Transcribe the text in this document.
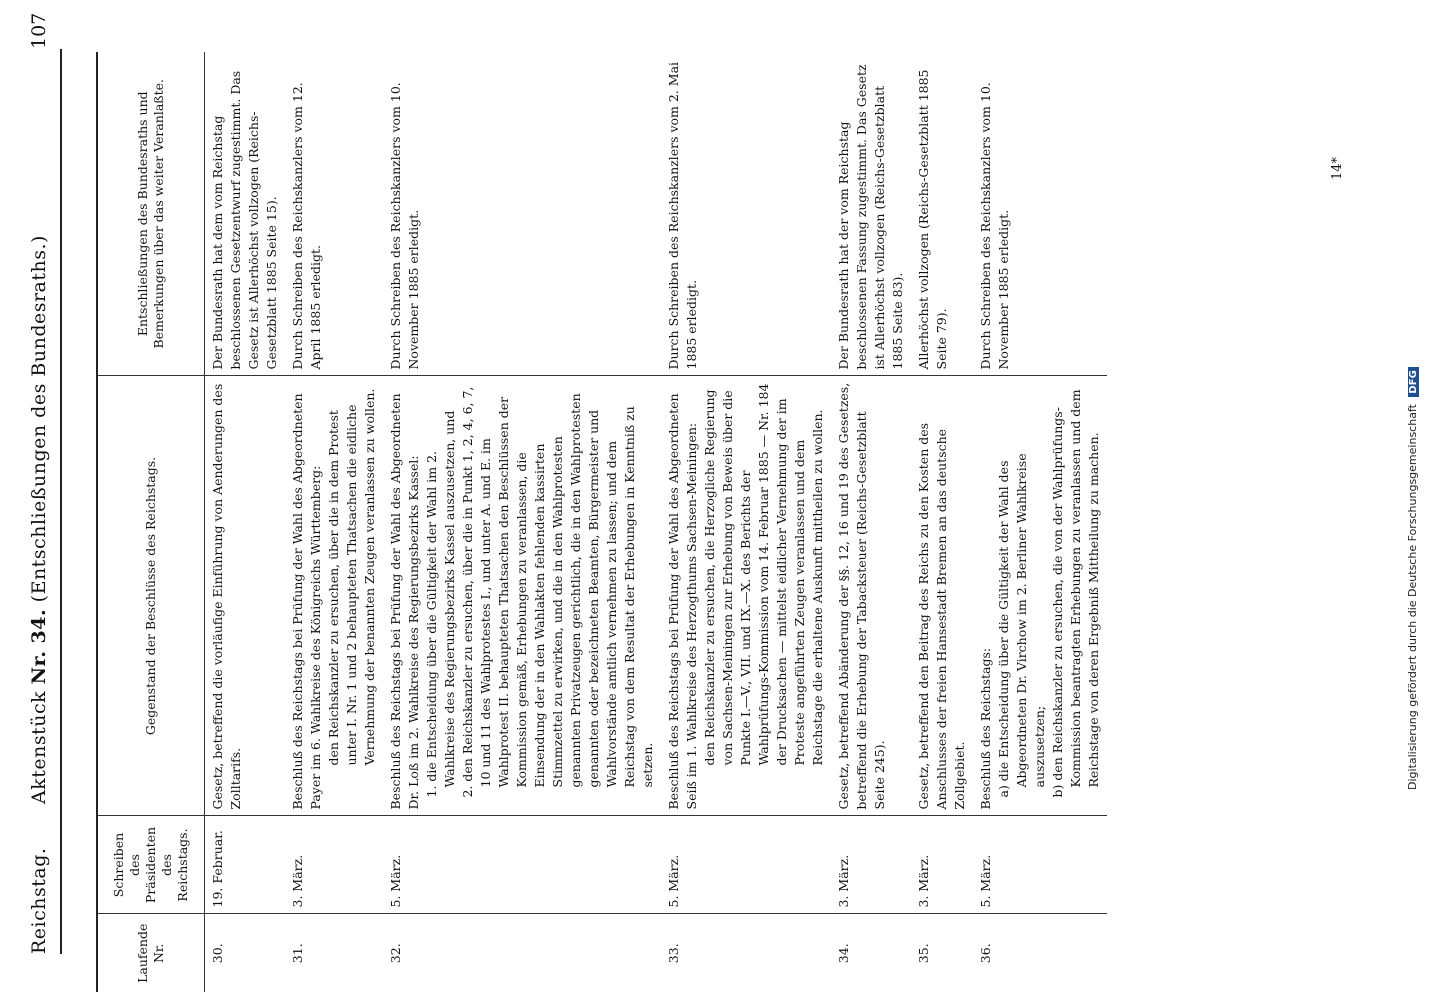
Reichstag.
Aktenstück Nr. 34. (Entschließungen des Bundesraths.)
107
Laufende Nr.	Schreiben des Präsidenten des Reichstags.	Gegenstand der Beschlüsse des Reichstags.	Entschließungen des Bundesraths und Bemerkungen über das weiter Veranlaßte.
30.	19. Februar.	Gesetz, betreffend die vorläufige Einführung von Aenderungen des Zolltarifs.	Der Bundesrath hat dem vom Reichstag beschlossenen Gesetzentwurf zugestimmt. Das Gesetz ist Allerhöchst vollzogen (Reichs-Gesetzblatt 1885 Seite 15).
31.	3. März.	Beschluß des Reichstags bei Prüfung der Wahl des Abgeordneten Payer im 6. Wahlkreise des Königreichs Württemberg: den Reichskanzler zu ersuchen, über die in dem Protest unter I. Nr. 1 und 2 behaupteten Thatsachen die eidliche Vernehmung der benannten Zeugen veranlassen zu wollen.	Durch Schreiben des Reichskanzlers vom 12. April 1885 erledigt.
32.	5. März.	Beschluß des Reichstags bei Prüfung der Wahl des Abgeordneten Dr. Loß im 2. Wahlkreise des Regierungsbezirks Kassel: 1. die Entscheidung über die Gültigkeit der Wahl im 2. Wahlkreise des Regierungsbezirks Kassel auszusetzen, und 2. den Reichskanzler zu ersuchen, über die in Punkt 1, 2, 4, 6, 7, 10 und 11 des Wahlprotestes I., und unter A. und E. im Wahlprotest II. behaupteten Thatsachen den Beschlüssen der Kommission gemäß, Erhebungen zu veranlassen, die Einsendung der in den Wahlakten fehlenden kassirten Stimmzettel zu erwirken, und die in den Wahlprotesten genannten Privatzeugen gerichtlich, die in den Wahlprotesten genannten oder bezeichneten Beamten, Bürgermeister und Wahlvorstände amtlich vernehmen zu lassen; und dem Reichstag von dem Resultat der Erhebungen in Kenntniß zu setzen.	Durch Schreiben des Reichskanzlers vom 10. November 1885 erledigt.
33.	5. März.	Beschluß des Reichstags bei Prüfung der Wahl des Abgeordneten Seiß im 1. Wahlkreise des Herzogthums Sachsen-Meiningen: den Reichskanzler zu ersuchen, die Herzogliche Regierung von Sachsen-Meiningen zur Erhebung von Beweis über die Punkte I.—V., VII. und IX.—X. des Berichts der Wahlprüfungs-Kommission vom 14. Februar 1885 — Nr. 184 der Drucksachen — mittelst eidlicher Vernehmung der im Proteste angeführten Zeugen veranlassen und dem Reichstage die erhaltene Auskunft mittheilen zu wollen.	Durch Schreiben des Reichskanzlers vom 2. Mai 1885 erledigt.
34.	3. März.	Gesetz, betreffend Abänderung der §§. 12, 16 und 19 des Gesetzes, betreffend die Erhebung der Tabacksteuer (Reichs-Gesetzblatt Seite 245).	Der Bundesrath hat der vom Reichstag beschlossenen Fassung zugestimmt. Das Gesetz ist Allerhöchst vollzogen (Reichs-Gesetzblatt 1885 Seite 83).
35.	3. März.	Gesetz, betreffend den Beitrag des Reichs zu den Kosten des Anschlusses der freien Hansestadt Bremen an das deutsche Zollgebiet.	Allerhöchst vollzogen (Reichs-Gesetzblatt 1885 Seite 79).
36.	5. März.	Beschluß des Reichstags: a) die Entscheidung über die Gültigkeit der Wahl des Abgeordneten Dr. Virchow im 2. Berliner Wahlkreise auszusetzen; b) den Reichskanzler zu ersuchen, die von der Wahlprüfungs-Kommission beantragten Erhebungen zu veranlassen und dem Reichstage von deren Ergebniß Mittheilung zu machen.	Durch Schreiben des Reichskanzlers vom 10. November 1885 erledigt.
14*
Digitalisierung gefördert durch die Deutsche Forschungsgemeinschaft DFG
